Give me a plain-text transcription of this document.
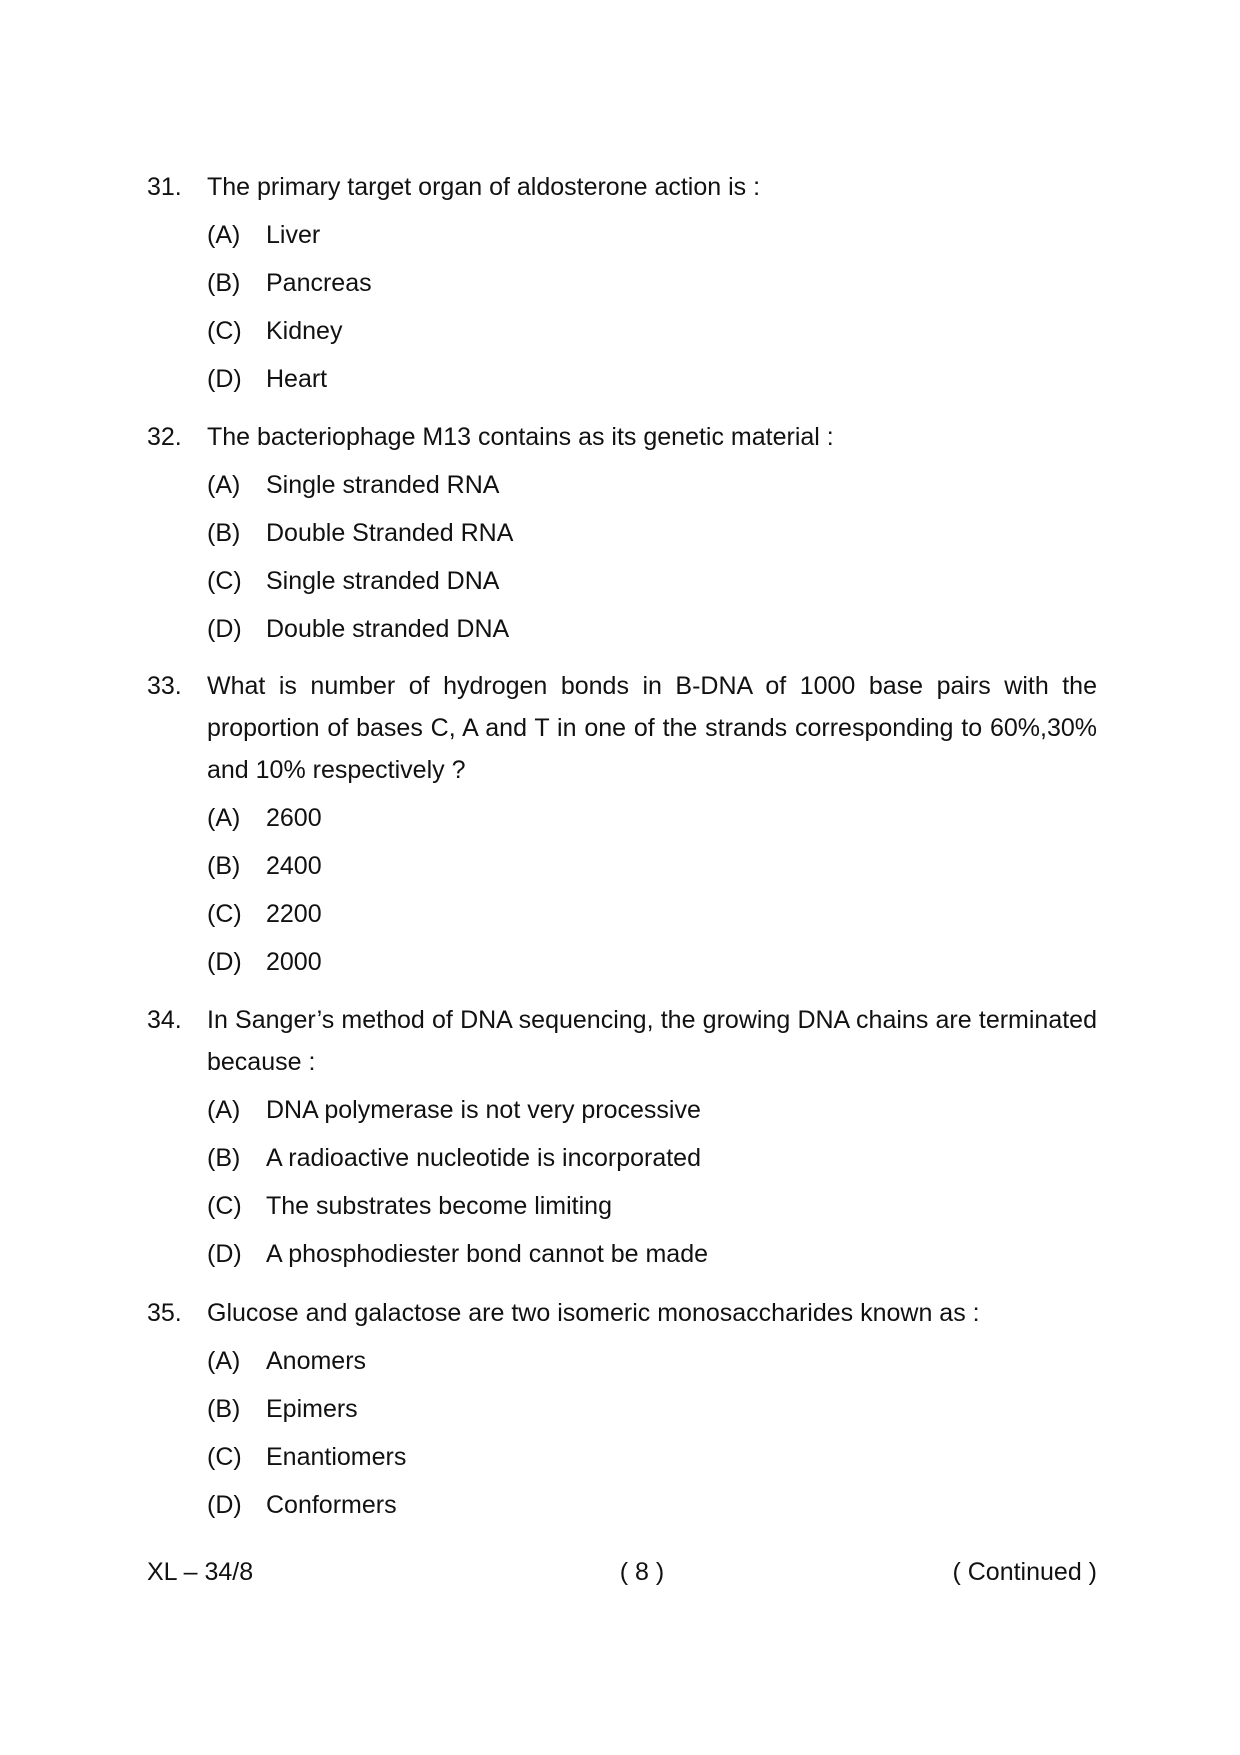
31.	The primary target organ of aldosterone action is :
(A)	Liver
(B)	Pancreas
(C) Kidney
(D) Heart
32.	The bacteriophage M13 contains as its genetic material :
(A)	Single stranded RNA
(B)	Double Stranded RNA
(C) Single stranded DNA
(D) Double stranded DNA
33.	What is number of hydrogen bonds in B-DNA of 1000 base pairs with the proportion of bases C, A and T in one of the strands corresponding to 60%,30% and 10% respectively ?
(A)	2600
(B)	2400
(C) 2200
(D) 2000
34.	In Sanger’s method of DNA sequencing, the growing DNA chains are terminated because :
(A)	DNA polymerase is not very processive
(B)	A radioactive nucleotide is incorporated
(C) The substrates become limiting
(D) A phosphodiester bond cannot be made
35.	Glucose and galactose are two isomeric monosaccharides known as :
(A)	Anomers
(B)	Epimers
(C) Enantiomers
(D) Conformers
XL – 34/8	( 8 )	( Continued )
